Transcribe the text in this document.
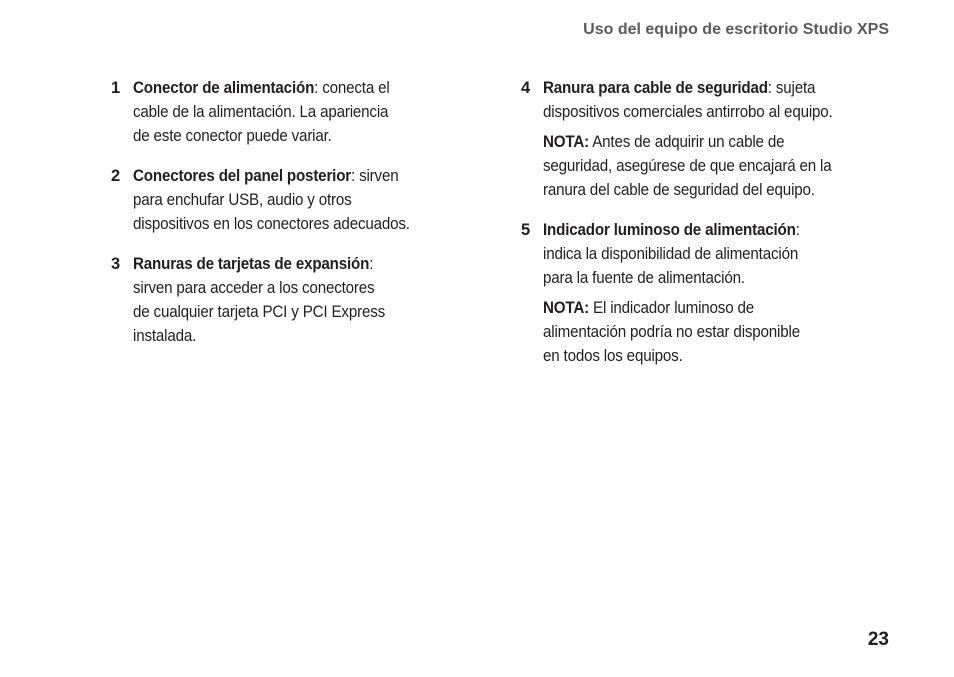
Uso del equipo de escritorio Studio XPS
1 Conector de alimentación: conecta el
cable de la alimentación. La apariencia
de este conector puede variar.
2 Conectores del panel posterior: sirven
para enchufar USB, audio y otros
dispositivos en los conectores adecuados.
3 Ranuras de tarjetas de expansión:
sirven para acceder a los conectores
de cualquier tarjeta PCI y PCI Express
instalada.
4 Ranura para cable de seguridad: sujeta
dispositivos comerciales antirrobo al equipo.
NOTA: Antes de adquirir un cable de
seguridad, asegúrese de que encajará en la
ranura del cable de seguridad del equipo.
5 Indicador luminoso de alimentación:
indica la disponibilidad de alimentación
para la fuente de alimentación.
NOTA: El indicador luminoso de
alimentación podría no estar disponible
en todos los equipos.
23
